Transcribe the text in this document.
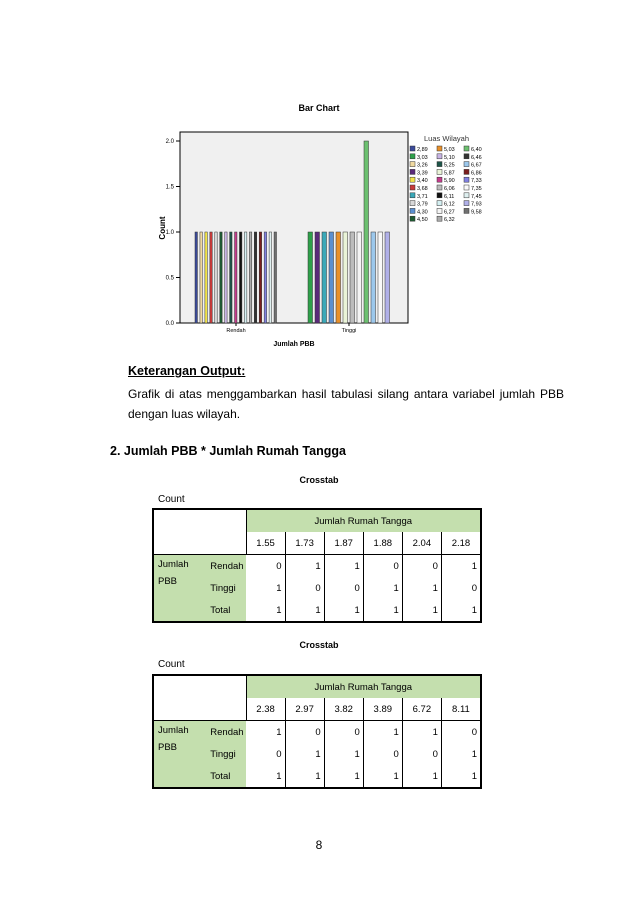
Bar Chart
0.0
0.5
1.0
1.5
2.0
Count
Jumlah PBB
Rendah	Tinggi
Luas Wilayah
2,89
3,03
3,26
3,39
3,40
3,68
3,71
3,79
4,30
4,50
5,03
5,10
5,25
5,87
5,90
6,06
6,11
6,12
6,27
6,32
6,40
6,46
6,67
6,86
7,33
7,35
7,45
7,93
9,58
Keterangan Output:
Grafik di atas menggambarkan hasil tabulasi silang antara variabel jumlah PBB dengan luas wilayah.
2. Jumlah PBB * Jumlah Rumah Tangga
Crosstab
Count
		Jumlah Rumah Tangga					
		1.55	1.73	1.87	1.88	2.04	2.18

Jumlah
PBB	Rendah	0	1	1	0	0	1
	Tinggi	1	0	0	1	1	0
	Total	1	1	1	1	1	1
Crosstab
Count
		Jumlah Rumah Tangga					
		2.38	2.97	3.82	3.89	6.72	8.11

Jumlah
PBB	Rendah	1	0	0	1	1	0
	Tinggi	0	1	1	0	0	1
	Total	1	1	1	1	1	1
8
